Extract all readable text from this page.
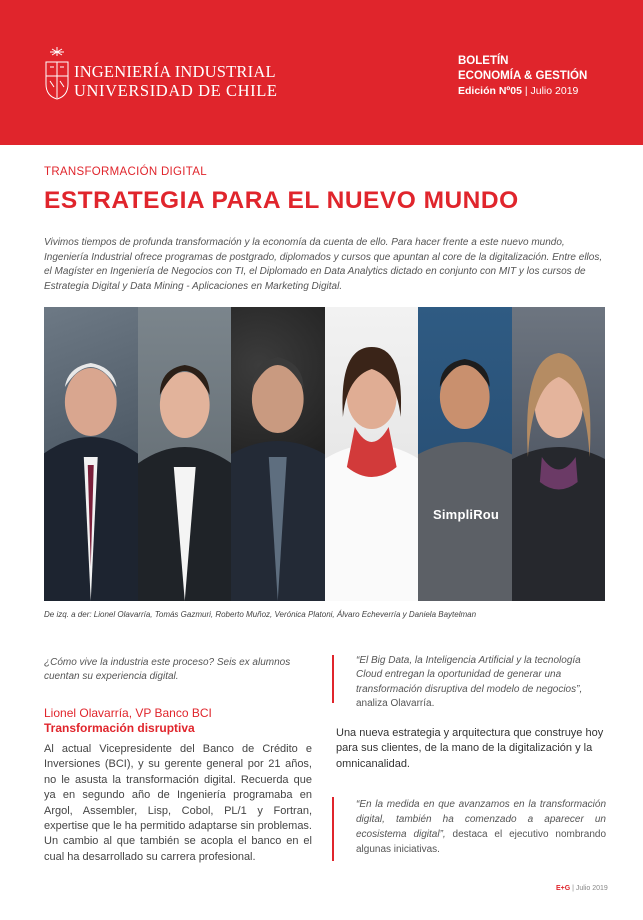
INGENIERÍA INDUSTRIAL
UNIVERSIDAD DE CHILE
BOLETÍN
ECONOMÍA & GESTIÓN
Edición Nº05 | Julio 2019
TRANSFORMACIÓN DIGITAL
ESTRATEGIA PARA EL NUEVO MUNDO
Vivimos tiempos de profunda transformación y la economía da cuenta de ello. Para hacer frente a este nuevo mundo, Ingeniería Industrial ofrece programas de postgrado, diplomados y cursos que apuntan al core de la digitalización. Entre ellos, el Magíster en Ingeniería de Negocios con TI, el Diplomado en Data Analytics dictado en conjunto con MIT y los cursos de Estrategia Digital y Data Mining - Aplicaciones en Marketing Digital.
SimpliRou
De izq. a der: Lionel Olavarría, Tomás Gazmuri, Roberto Muñoz, Verónica Platoni, Álvaro Echeverría y Daniela Baytelman
¿Cómo vive la industria este proceso? Seis ex alumnos cuentan su experiencia digital.
Lionel Olavarría, VP Banco BCI
Transformación disruptiva
Al actual Vicepresidente del Banco de Crédito e Inversiones (BCI), y su gerente general por 21 años, no le asusta la transformación digital. Recuerda que ya en segundo año de Ingeniería programaba en Argol, Assembler, Lisp, Cobol, PL/1 y Fortran, expertise que le ha permitido adaptarse sin problemas. Un cambio al que también se acopla el banco en el cual ha desarrollado su carrera profesional.
“El Big Data, la Inteligencia Artificial y la tecnología Cloud entregan la oportunidad de generar una transformación disruptiva del modelo de negocios”, analiza Olavarría.
Una nueva estrategia y arquitectura que construye hoy para sus clientes, de la mano de la digitalización y la omnicanalidad.
“En la medida en que avanzamos en la transformación digital, también ha comenzado a aparecer un ecosistema digital”, destaca el ejecutivo nombrando algunas iniciativas.
E+G | Julio 2019
